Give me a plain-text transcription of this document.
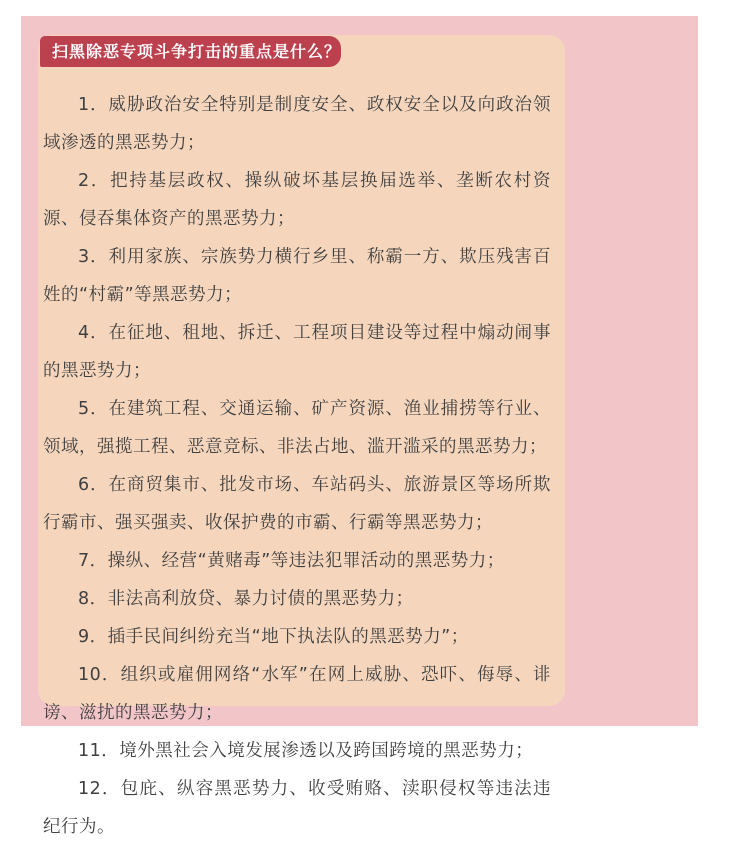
1．威胁政治安全特别是制度安全、政权安全以及向政治领域渗透的黑恶势力；

2．把持基层政权、操纵破坏基层换届选举、垄断农村资源、侵吞集体资产的黑恶势力；

3．利用家族、宗族势力横行乡里、称霸一方、欺压残害百姓的“村霸”等黑恶势力；

4．在征地、租地、拆迁、工程项目建设等过程中煽动闹事的黑恶势力；

5．在建筑工程、交通运输、矿产资源、渔业捕捞等行业、领域，强揽工程、恶意竞标、非法占地、滥开滥采的黑恶势力；

6．在商贸集市、批发市场、车站码头、旅游景区等场所欺行霸市、强买强卖、收保护费的市霸、行霸等黑恶势力；

7．操纵、经营“黄赌毒”等违法犯罪活动的黑恶势力；

8．非法高利放贷、暴力讨债的黑恶势力；

9．插手民间纠纷充当“地下执法队的黑恶势力”；

10．组织或雇佣网络“水军”在网上威胁、恐吓、侮辱、诽谤、滋扰的黑恶势力；

11．境外黑社会入境发展渗透以及跨国跨境的黑恶势力；

12．包庇、纵容黑恶势力、收受贿赂、渎职侵权等违法违纪行为。

扫黑除恶专项斗争打击的重点是什么？
